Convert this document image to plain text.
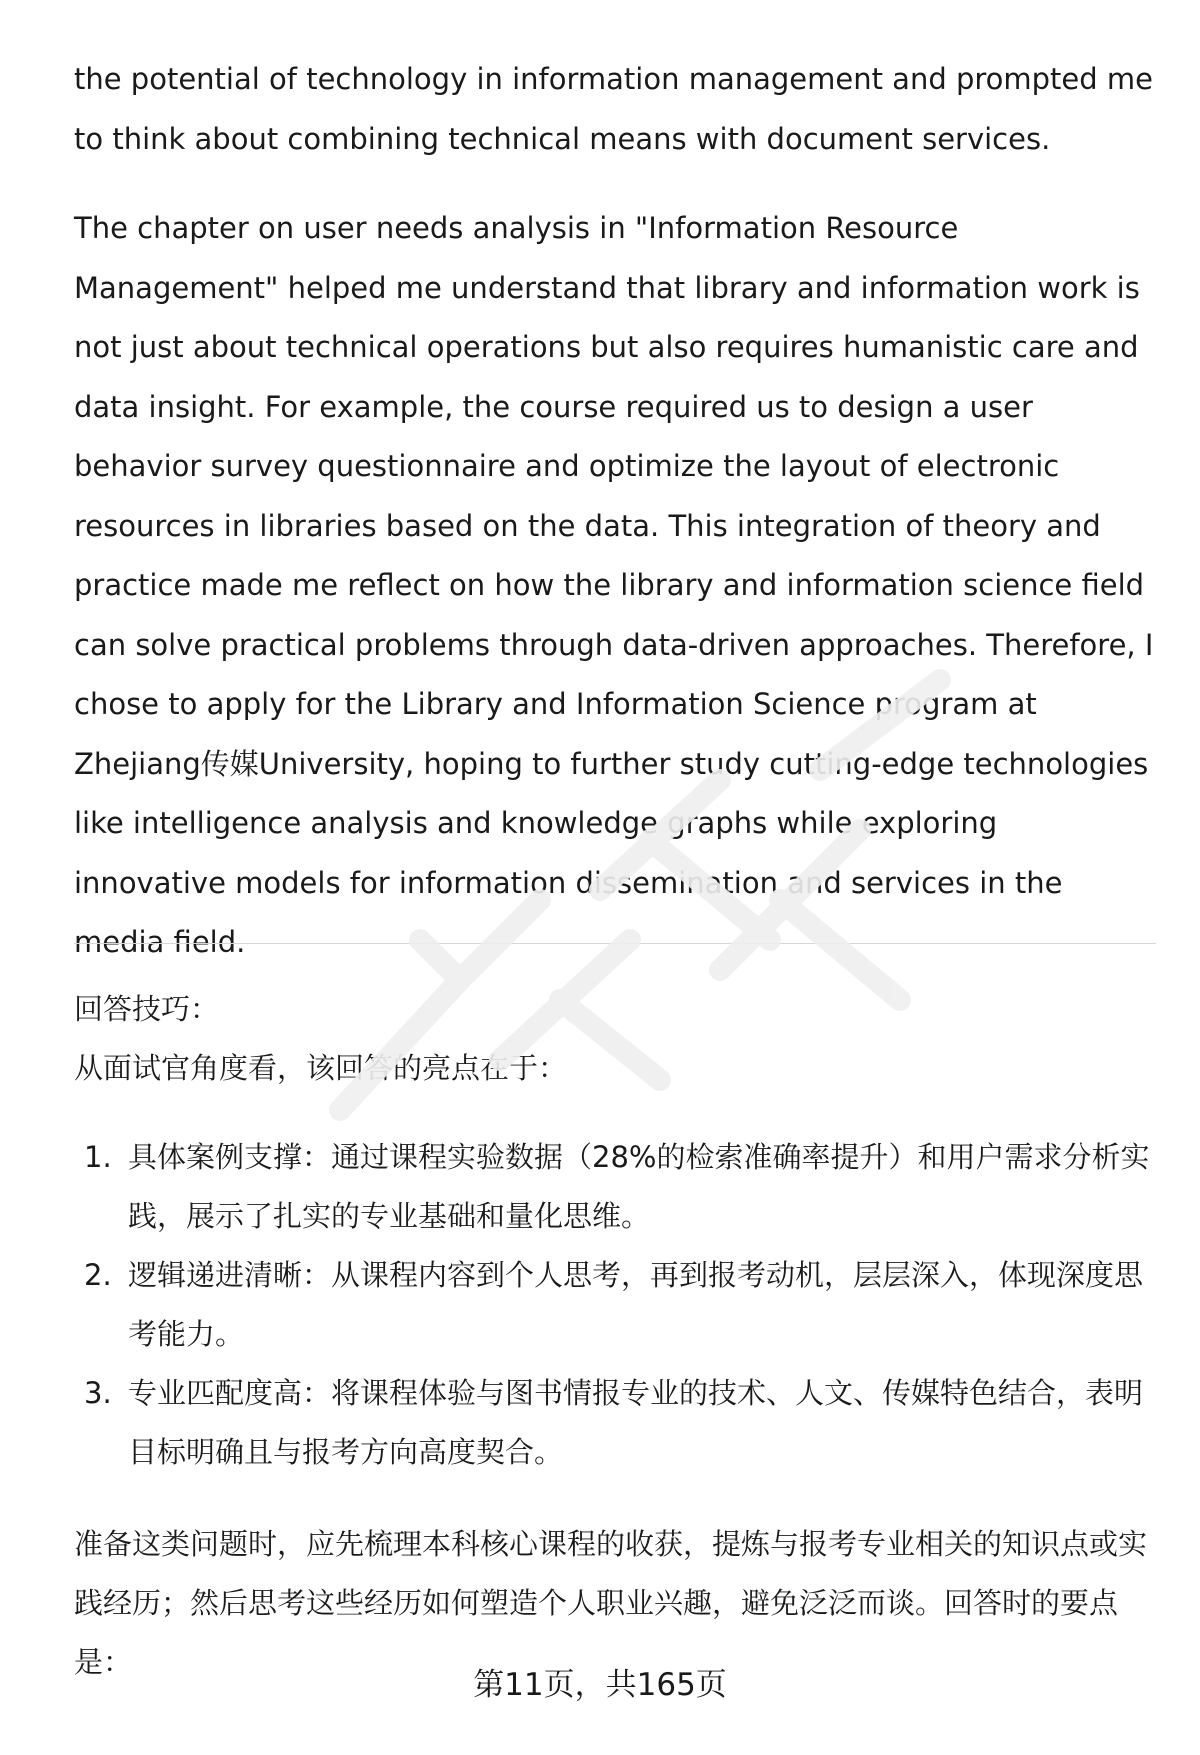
the potential of technology in information management and prompted me to think about combining technical means with document services.

The chapter on user needs analysis in "Information Resource Management" helped me understand that library and information work is not just about technical operations but also requires humanistic care and data insight. For example, the course required us to design a user behavior survey questionnaire and optimize the layout of electronic resources in libraries based on the data. This integration of theory and practice made me reflect on how the library and information science field can solve practical problems through data-driven approaches. Therefore, I chose to apply for the Library and Information Science program at Zhejiang传媒University, hoping to further study cutting-edge technologies like intelligence analysis and knowledge graphs while exploring innovative models for information dissemination and services in the media field.

回答技巧：

从面试官角度看，该回答的亮点在于：

1. 具体案例支撑：通过课程实验数据（28%的检索准确率提升）和用户需求分析实践，展示了扎实的专业基础和量化思维。
2. 逻辑递进清晰：从课程内容到个人思考，再到报考动机，层层深入，体现深度思考能力。
3. 专业匹配度高：将课程体验与图书情报专业的技术、人文、传媒特色结合，表明目标明确且与报考方向高度契合。

准备这类问题时，应先梳理本科核心课程的收获，提炼与报考专业相关的知识点或实践经历；然后思考这些经历如何塑造个人职业兴趣，避免泛泛而谈。回答时的要点是：

第11页，共165页
